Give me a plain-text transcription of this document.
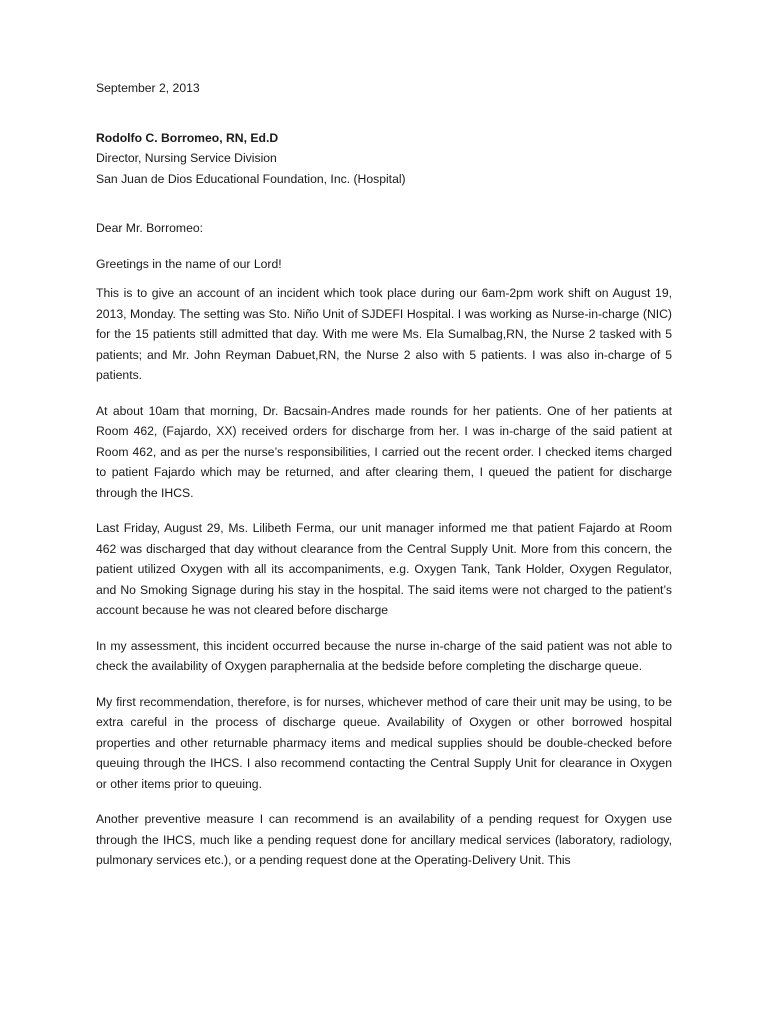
September 2, 2013

Rodolfo C. Borromeo, RN, Ed.D

Director, Nursing Service Division

San Juan de Dios Educational Foundation, Inc. (Hospital)

Dear Mr. Borromeo:

Greetings in the name of our Lord!

This is to give an account of an incident which took place during our 6am-2pm work shift on August 19, 2013, Monday. The setting was Sto. Niño Unit of SJDEFI Hospital. I was working as Nurse-in-charge (NIC) for the 15 patients still admitted that day. With me were Ms. Ela Sumalbag,RN, the Nurse 2 tasked with 5 patients; and Mr. John Reyman Dabuet,RN, the Nurse 2 also with 5 patients. I was also in-charge of 5 patients.

At about 10am that morning, Dr. Bacsain-Andres made rounds for her patients. One of her patients at Room 462, (Fajardo, XX) received orders for discharge from her. I was in-charge of the said patient at Room 462, and as per the nurse’s responsibilities, I carried out the recent order. I checked items charged to patient Fajardo which may be returned, and after clearing them, I queued the patient for discharge through the IHCS.

Last Friday, August 29, Ms. Lilibeth Ferma, our unit manager informed me that patient Fajardo at Room 462 was discharged that day without clearance from the Central Supply Unit. More from this concern, the patient utilized Oxygen with all its accompaniments, e.g. Oxygen Tank, Tank Holder, Oxygen Regulator, and No Smoking Signage during his stay in the hospital. The said items were not charged to the patient’s account because he was not cleared before discharge

In my assessment, this incident occurred because the nurse in-charge of the said patient was not able to check the availability of Oxygen paraphernalia at the bedside before completing the discharge queue.

My first recommendation, therefore, is for nurses, whichever method of care their unit may be using, to be extra careful in the process of discharge queue. Availability of Oxygen or other borrowed hospital properties and other returnable pharmacy items and medical supplies should be double-checked before queuing through the IHCS. I also recommend contacting the Central Supply Unit for clearance in Oxygen or other items prior to queuing.

Another preventive measure I can recommend is an availability of a pending request for Oxygen use through the IHCS, much like a pending request done for ancillary medical services (laboratory, radiology, pulmonary services etc.), or a pending request done at the Operating-Delivery Unit. This
